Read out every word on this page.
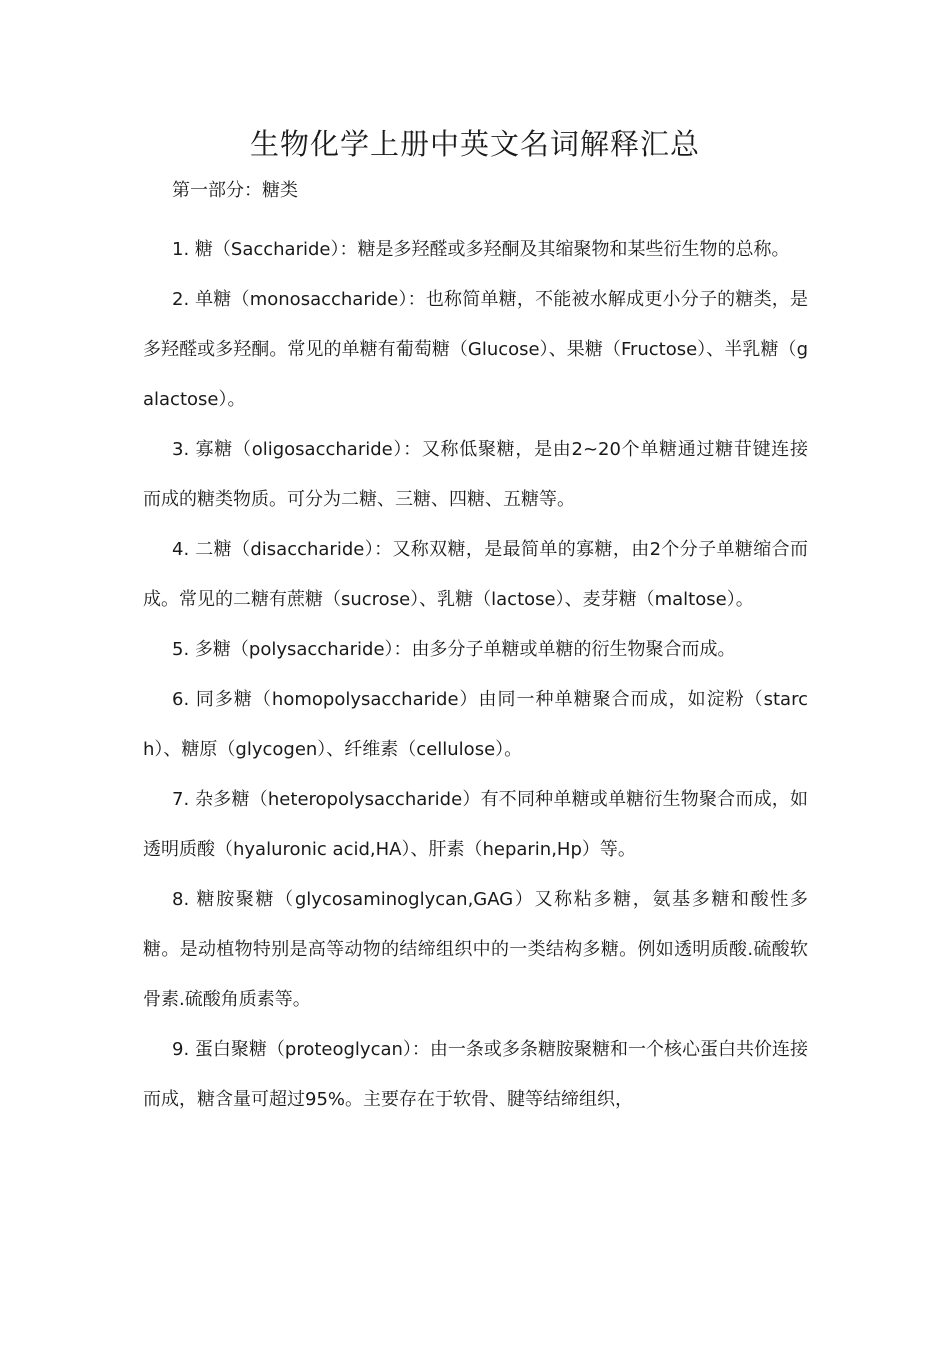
生物化学上册中英文名词解释汇总
第一部分：糖类

1. 糖（Saccharide）：糖是多羟醛或多羟酮及其缩聚物和某些衍生物的总称。

2. 单糖（monosaccharide）：也称简单糖，不能被水解成更小分子的糖类，是多羟醛或多羟酮。常见的单糖有葡萄糖（Glucose）、果糖（Fructose）、半乳糖（galactose）。

3. 寡糖（oligosaccharide）：又称低聚糖，是由2~20个单糖通过糖苷键连接而成的糖类物质。可分为二糖、三糖、四糖、五糖等。

4. 二糖（disaccharide）：又称双糖，是最简单的寡糖，由2个分子单糖缩合而成。常见的二糖有蔗糖（sucrose）、乳糖（lactose）、麦芽糖（maltose）。

5. 多糖（polysaccharide）：由多分子单糖或单糖的衍生物聚合而成。

6. 同多糖（homopolysaccharide）由同一种单糖聚合而成，如淀粉（starch）、糖原（glycogen）、纤维素（cellulose）。

7. 杂多糖（heteropolysaccharide）有不同种单糖或单糖衍生物聚合而成，如透明质酸（hyaluronic acid,HA）、肝素（heparin,Hp）等。

8. 糖胺聚糖（glycosaminoglycan,GAG）又称粘多糖，氨基多糖和酸性多糖。是动植物特别是高等动物的结缔组织中的一类结构多糖。例如透明质酸.硫酸软骨素.硫酸角质素等。

9. 蛋白聚糖（proteoglycan）：由一条或多条糖胺聚糖和一个核心蛋白共价连接而成，糖含量可超过95%。主要存在于软骨、腱等结缔组织，
